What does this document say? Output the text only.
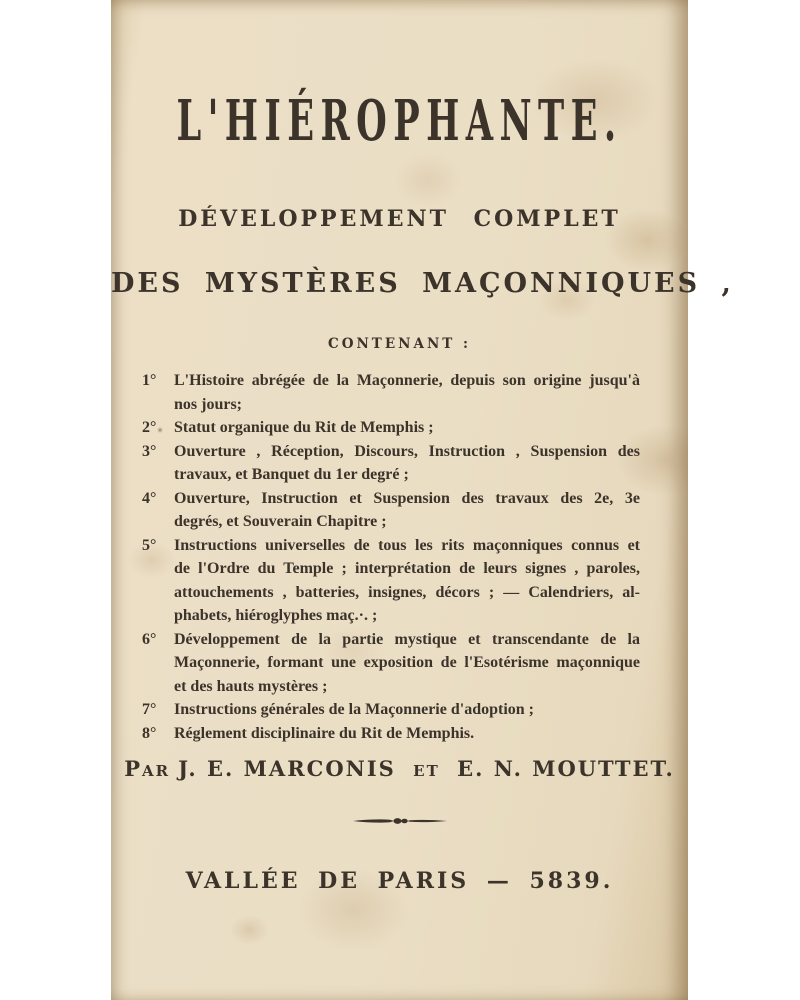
L'HIÉROPHANTE.
DÉVELOPPEMENT COMPLET
DES MYSTÈRES MAÇONNIQUES ,
CONTENANT :
1°	L'Histoire abrégée de la Maçonnerie, depuis son origine jusqu'à
nos jours;
2°	Statut organique du Rit de Memphis ;
3°	Ouverture , Réception, Discours, Instruction , Suspension des
travaux, et Banquet du 1er degré ;
4°	Ouverture, Instruction et Suspension des travaux des 2e, 3e
degrés, et Souverain Chapitre ;
5°	Instructions universelles de tous les rits maçonniques connus et
de l'Ordre du Temple ; interprétation de leurs signes , paroles,
attouchements , batteries, insignes, décors ; — Calendriers, al-
phabets, hiéroglyphes maç.·. ;
6°	Développement de la partie mystique et transcendante de la
Maçonnerie, formant une exposition de l'Esotérisme maçonnique
et des hauts mystères ;
7°	Instructions générales de la Maçonnerie d'adoption ;
8°	Réglement disciplinaire du Rit de Memphis.
Par J. E. MARCONIS et E. N. MOUTTET.
VALLÉE DE PARIS — 5839.
